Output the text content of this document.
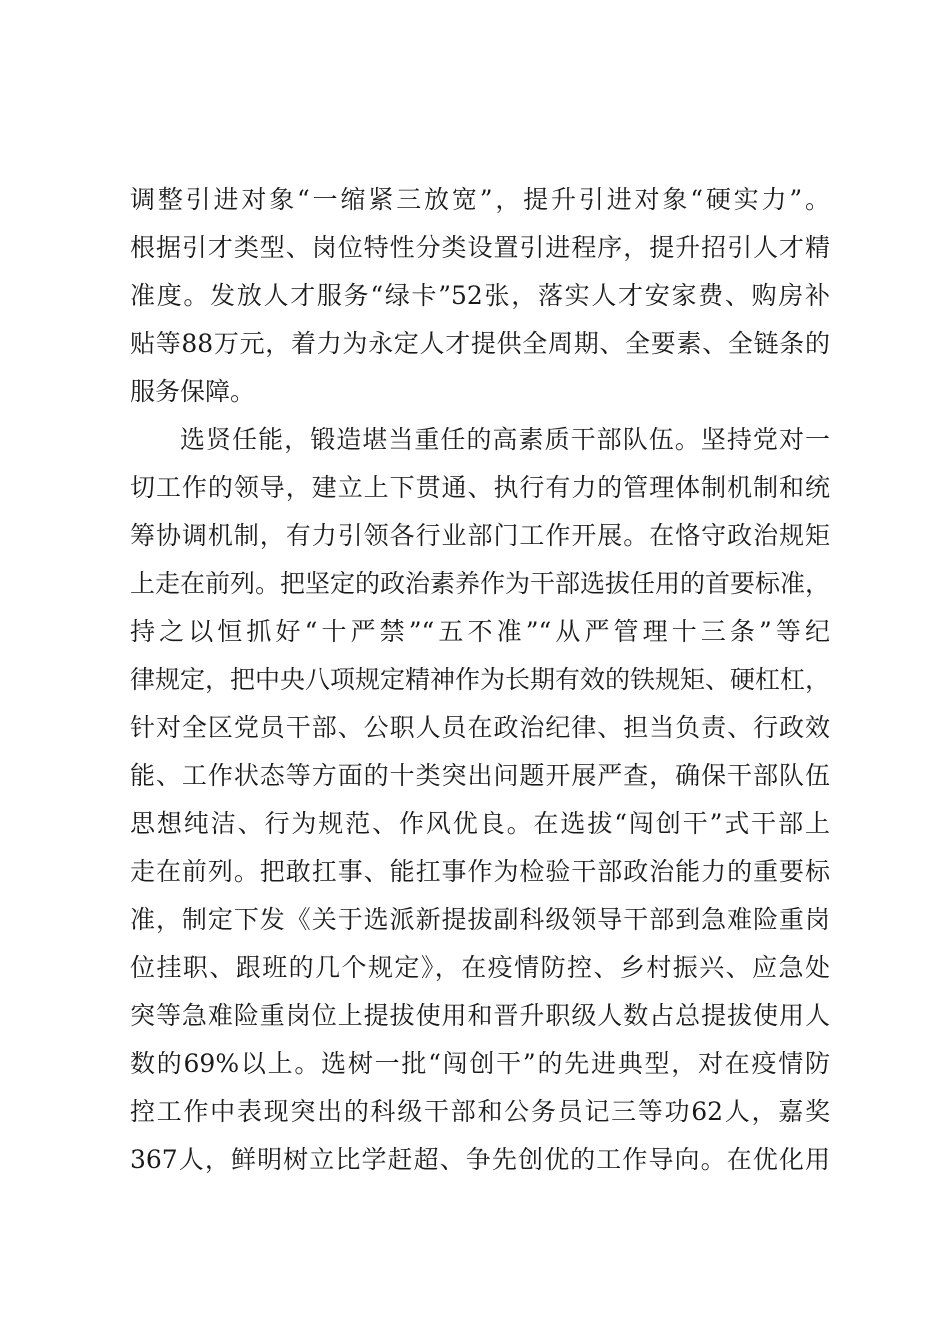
调整引进对象“一缩紧三放宽”，提升引进对象“硬实力”。
根据引才类型、岗位特性分类设置引进程序，提升招引人才精
准度。发放人才服务“绿卡”52张，落实人才安家费、购房补
贴等88万元，着力为永定人才提供全周期、全要素、全链条的
服务保障。
选贤任能，锻造堪当重任的高素质干部队伍。坚持党对一
切工作的领导，建立上下贯通、执行有力的管理体制机制和统
筹协调机制，有力引领各行业部门工作开展。在恪守政治规矩
上走在前列。把坚定的政治素养作为干部选拔任用的首要标准，
持之以恒抓好“十严禁”“五不准”“从严管理十三条”等纪
律规定，把中央八项规定精神作为长期有效的铁规矩、硬杠杠，
针对全区党员干部、公职人员在政治纪律、担当负责、行政效
能、工作状态等方面的十类突出问题开展严查，确保干部队伍
思想纯洁、行为规范、作风优良。在选拔“闯创干”式干部上
走在前列。把敢扛事、能扛事作为检验干部政治能力的重要标
准，制定下发《关于选派新提拔副科级领导干部到急难险重岗
位挂职、跟班的几个规定》，在疫情防控、乡村振兴、应急处
突等急难险重岗位上提拔使用和晋升职级人数占总提拔使用人
数的69%以上。选树一批“闯创干”的先进典型，对在疫情防
控工作中表现突出的科级干部和公务员记三等功62人，嘉奖
367人，鲜明树立比学赶超、争先创优的工作导向。在优化用
